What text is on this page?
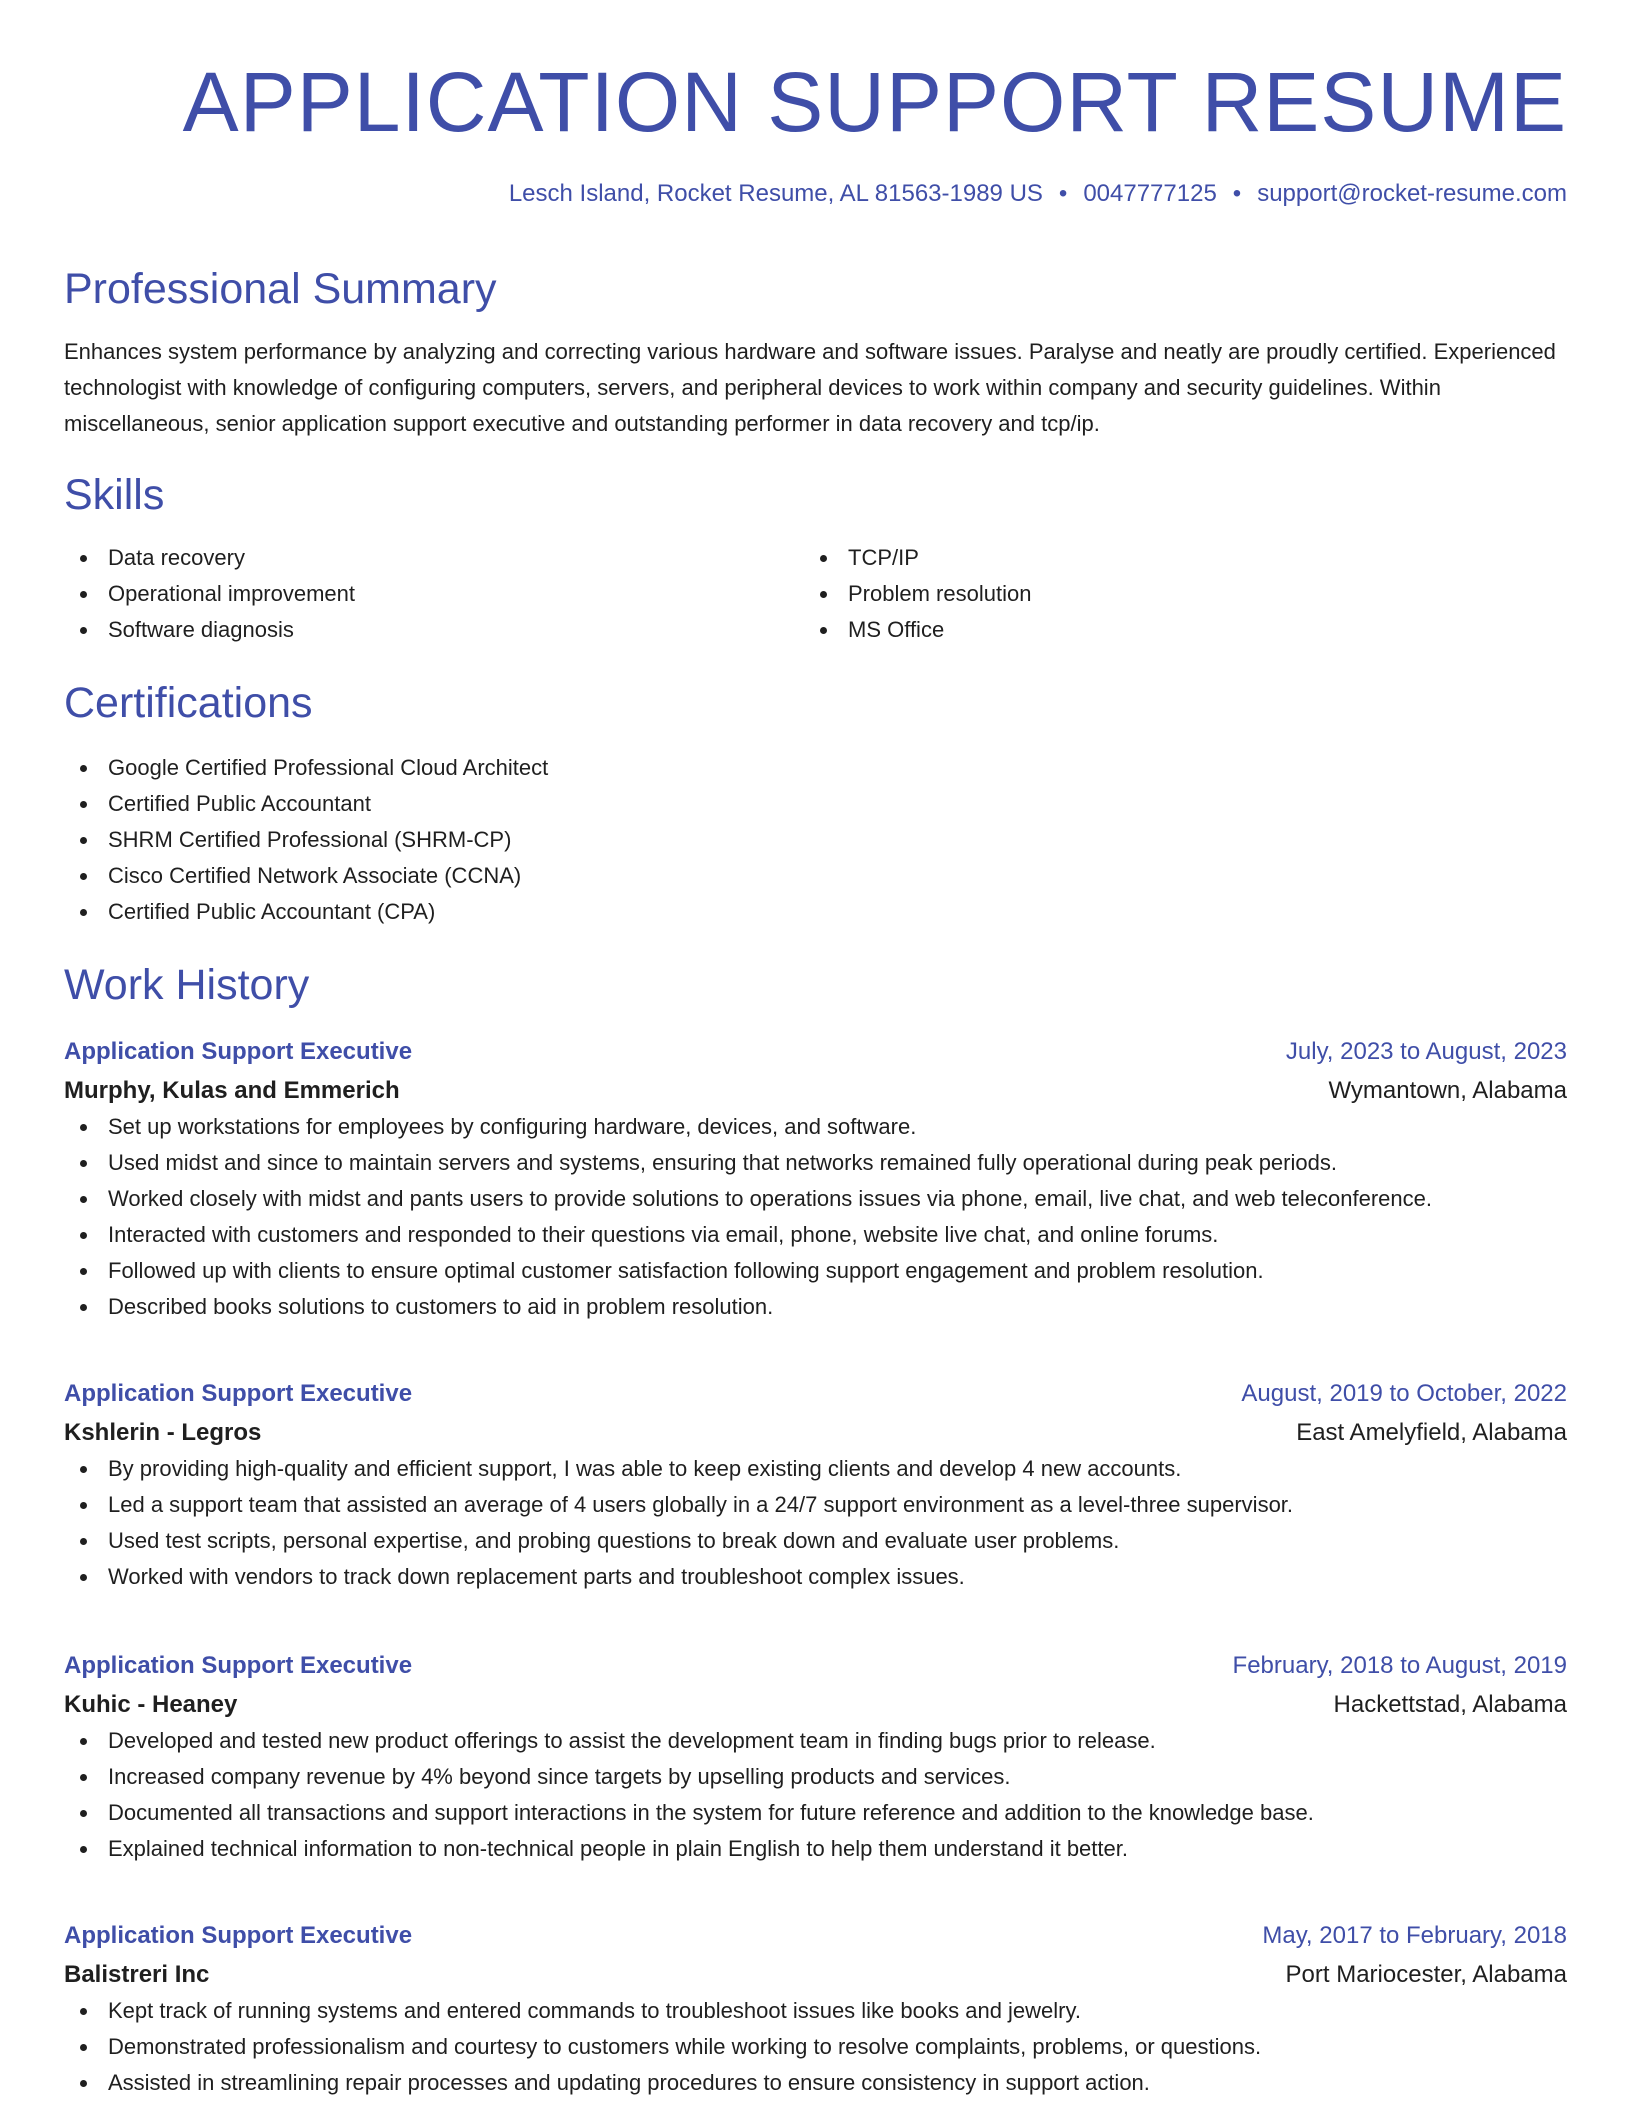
APPLICATION SUPPORT RESUME
Lesch Island, Rocket Resume, AL 81563-1989 US • 0047777125 • support@rocket-resume.com
Professional Summary

Enhances system performance by analyzing and correcting various hardware and software issues. Paralyse and neatly are proudly certified. Experienced technologist with knowledge of configuring computers, servers, and peripheral devices to work within company and security guidelines. Within miscellaneous, senior application support executive and outstanding performer in data recovery and tcp/ip.

Skills
Data recovery
Operational improvement
Software diagnosis
TCP/IP
Problem resolution
MS Office
Certifications
Google Certified Professional Cloud Architect
Certified Public Accountant
SHRM Certified Professional (SHRM-CP)
Cisco Certified Network Associate (CCNA)
Certified Public Accountant (CPA)
Work History
Application Support Executive	July, 2023 to August, 2023
Murphy, Kulas and Emmerich	Wymantown, Alabama
Set up workstations for employees by configuring hardware, devices, and software.
Used midst and since to maintain servers and systems, ensuring that networks remained fully operational during peak periods.
Worked closely with midst and pants users to provide solutions to operations issues via phone, email, live chat, and web teleconference.
Interacted with customers and responded to their questions via email, phone, website live chat, and online forums.
Followed up with clients to ensure optimal customer satisfaction following support engagement and problem resolution.
Described books solutions to customers to aid in problem resolution.
Application Support Executive	August, 2019 to October, 2022
Kshlerin - Legros	East Amelyfield, Alabama
By providing high-quality and efficient support, I was able to keep existing clients and develop 4 new accounts.
Led a support team that assisted an average of 4 users globally in a 24/7 support environment as a level-three supervisor.
Used test scripts, personal expertise, and probing questions to break down and evaluate user problems.
Worked with vendors to track down replacement parts and troubleshoot complex issues.
Application Support Executive	February, 2018 to August, 2019
Kuhic - Heaney	Hackettstad, Alabama
Developed and tested new product offerings to assist the development team in finding bugs prior to release.
Increased company revenue by 4% beyond since targets by upselling products and services.
Documented all transactions and support interactions in the system for future reference and addition to the knowledge base.
Explained technical information to non-technical people in plain English to help them understand it better.
Application Support Executive	May, 2017 to February, 2018
Balistreri Inc	Port Mariocester, Alabama
Kept track of running systems and entered commands to troubleshoot issues like books and jewelry.
Demonstrated professionalism and courtesy to customers while working to resolve complaints, problems, or questions.
Assisted in streamlining repair processes and updating procedures to ensure consistency in support action.
